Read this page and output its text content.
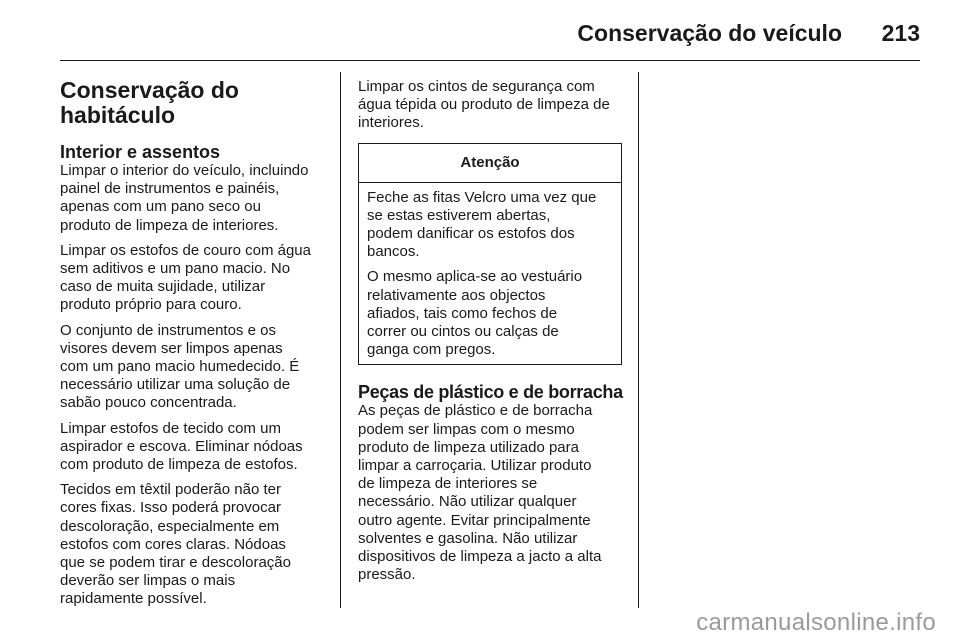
Conservação do veículo 213
Conservação do
habitáculo
Interior e assentos

Limpar o interior do veículo, incluindo
painel de instrumentos e painéis,
apenas com um pano seco ou
produto de limpeza de interiores.

Limpar os estofos de couro com água
sem aditivos e um pano macio. No
caso de muita sujidade, utilizar
produto próprio para couro.

O conjunto de instrumentos e os
visores devem ser limpos apenas
com um pano macio humedecido. É
necessário utilizar uma solução de
sabão pouco concentrada.

Limpar estofos de tecido com um
aspirador e escova. Eliminar nódoas
com produto de limpeza de estofos.

Tecidos em têxtil poderão não ter
cores fixas. Isso poderá provocar
descoloração, especialmente em
estofos com cores claras. Nódoas
que se podem tirar e descoloração
deverão ser limpas o mais
rapidamente possível.

Limpar os cintos de segurança com
água tépida ou produto de limpeza de
interiores.

Atenção

Feche as fitas Velcro uma vez que
se estas estiverem abertas,
podem danificar os estofos dos
bancos.

O mesmo aplica-se ao vestuário
relativamente aos objectos
afiados, tais como fechos de
correr ou cintos ou calças de
ganga com pregos.

Peças de plástico e de borracha

As peças de plástico e de borracha
podem ser limpas com o mesmo
produto de limpeza utilizado para
limpar a carroçaria. Utilizar produto
de limpeza de interiores se
necessário. Não utilizar qualquer
outro agente. Evitar principalmente
solventes e gasolina. Não utilizar
dispositivos de limpeza a jacto a alta
pressão.

carmanualsonline.info
